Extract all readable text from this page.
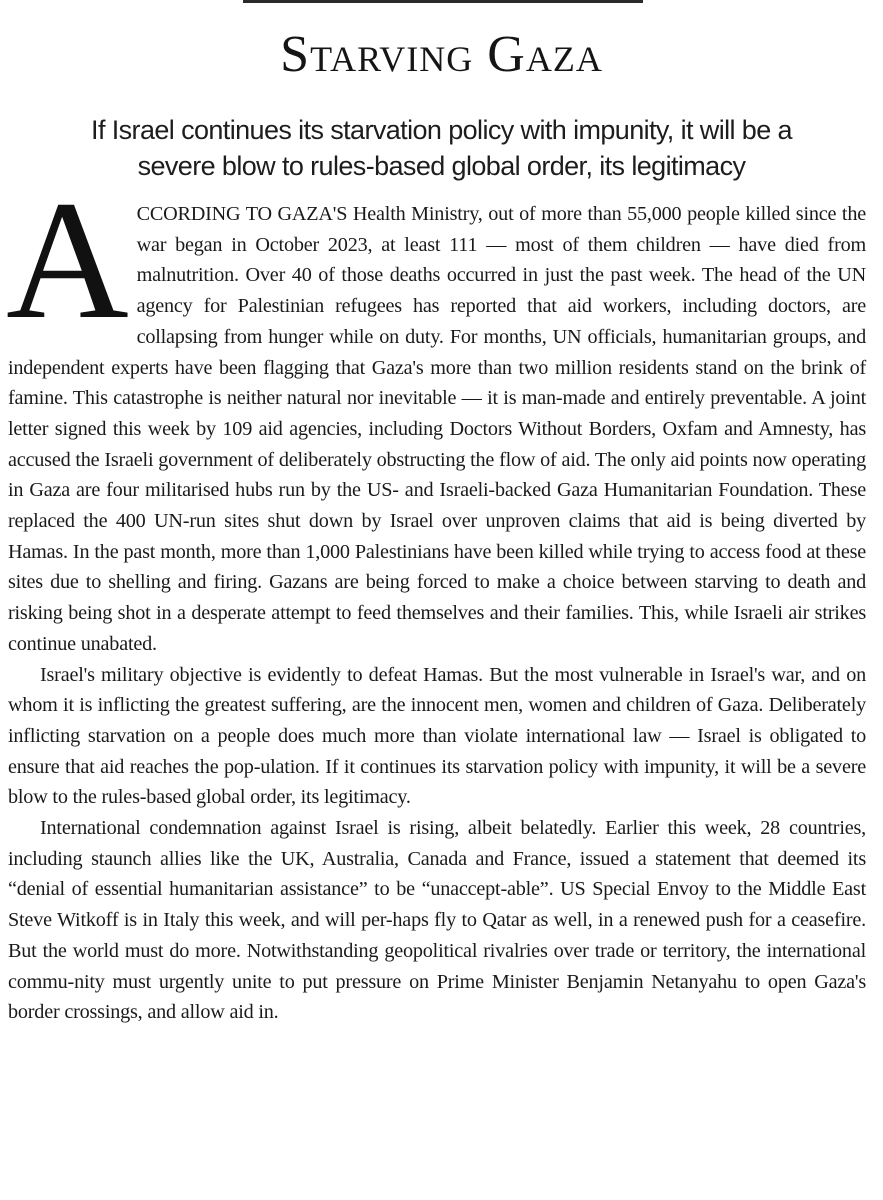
Starving Gaza
If Israel continues its starvation policy with impunity, it will be a
severe blow to rules-based global order, its legitimacy

A CCORDING TO GAZA'S Health Ministry, out of more than 55,000 people killed since the war began in October 2023, at least 111 — most of them children — have died from malnutrition. Over 40 of those deaths occurred in just the past week. The head of the UN agency for Palestinian refugees has reported that aid workers, including doctors, are collapsing from hunger while on duty. For months, UN officials, humanitarian groups, and independent experts have been flagging that Gaza's more than two million residents stand on the brink of famine. This catastrophe is neither natural nor inevitable — it is man-made and entirely preventable. A joint letter signed this week by 109 aid agencies, including Doctors Without Borders, Oxfam and Amnesty, has accused the Israeli government of deliberately obstructing the flow of aid. The only aid points now operating in Gaza are four militarised hubs run by the US- and Israeli-backed Gaza Humanitarian Foundation. These replaced the 400 UN-run sites shut down by Israel over unproven claims that aid is being diverted by Hamas. In the past month, more than 1,000 Palestinians have been killed while trying to access food at these sites due to shelling and firing. Gazans are being forced to make a choice between starving to death and risking being shot in a desperate attempt to feed themselves and their families. This, while Israeli air strikes continue unabated.

Israel's military objective is evidently to defeat Hamas. But the most vulnerable in Israel's war, and on whom it is inflicting the greatest suffering, are the innocent men, women and children of Gaza. Deliberately inflicting starvation on a people does much more than violate international law — Israel is obligated to ensure that aid reaches the pop-ulation. If it continues its starvation policy with impunity, it will be a severe blow to the rules-based global order, its legitimacy.

International condemnation against Israel is rising, albeit belatedly. Earlier this week, 28 countries, including staunch allies like the UK, Australia, Canada and France, issued a statement that deemed its “denial of essential humanitarian assistance” to be “unaccept-able”. US Special Envoy to the Middle East Steve Witkoff is in Italy this week, and will per-haps fly to Qatar as well, in a renewed push for a ceasefire. But the world must do more. Notwithstanding geopolitical rivalries over trade or territory, the international commu-nity must urgently unite to put pressure on Prime Minister Benjamin Netanyahu to open Gaza's border crossings, and allow aid in.
